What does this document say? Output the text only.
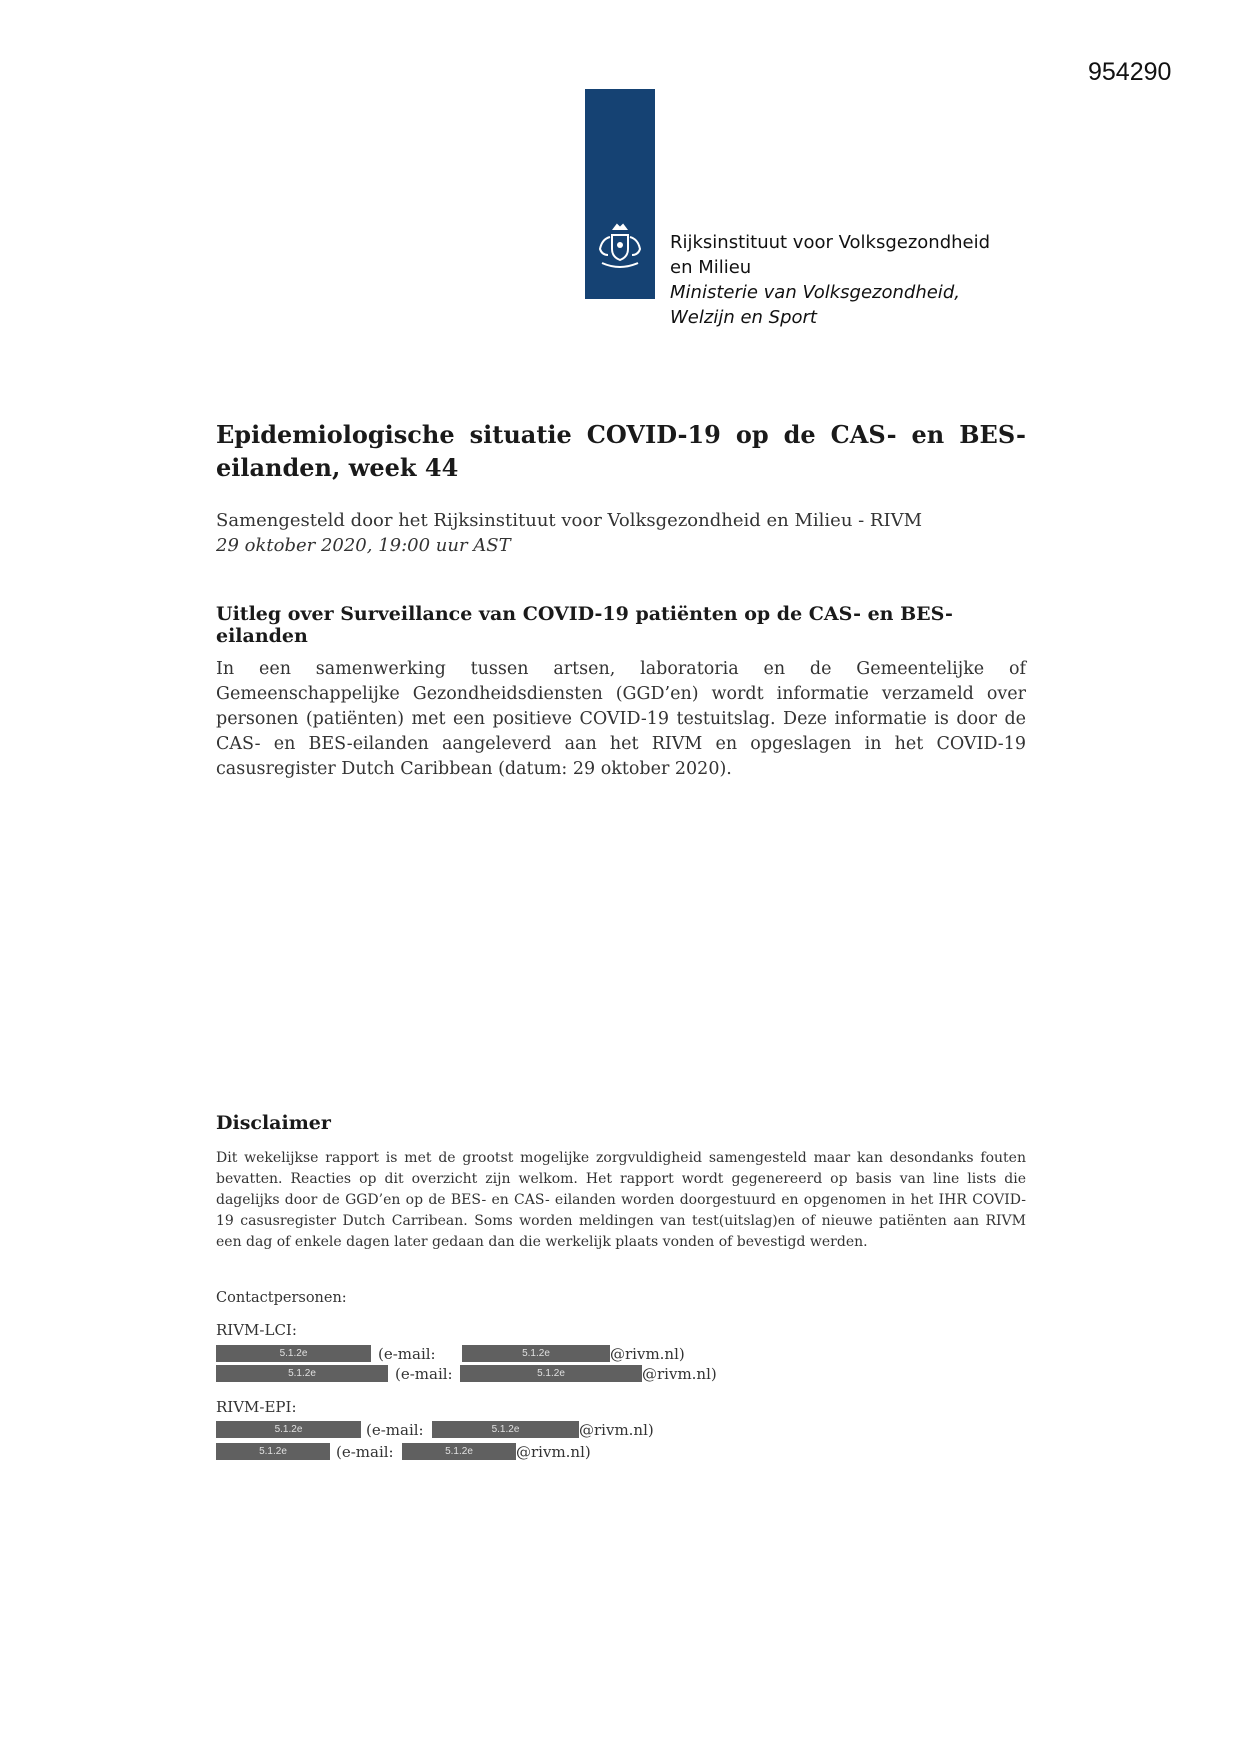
954290
Rijksinstituut voor Volksgezondheid
en Milieu
Ministerie van Volksgezondheid,
Welzijn en Sport
Epidemiologische situatie COVID-19 op de CAS- en BES-eilanden, week 44
Samengesteld door het Rijksinstituut voor Volksgezondheid en Milieu - RIVM
29 oktober 2020, 19:00 uur AST
Uitleg over Surveillance van COVID-19 patiënten op de CAS- en BES-eilanden

In een samenwerking tussen artsen, laboratoria en de Gemeentelijke of Gemeenschappelijke Gezondheidsdiensten (GGD’en) wordt informatie verzameld over personen (patiënten) met een positieve COVID-19 testuitslag. Deze informatie is door de CAS- en BES-eilanden aangeleverd aan het RIVM en opgeslagen in het COVID-19 casusregister Dutch Caribbean (datum: 29 oktober 2020).

Disclaimer

Dit wekelijkse rapport is met de grootst mogelijke zorgvuldigheid samengesteld maar kan desondanks fouten bevatten. Reacties op dit overzicht zijn welkom. Het rapport wordt gegenereerd op basis van line lists die dagelijks door de GGD’en op de BES- en CAS- eilanden worden doorgestuurd en opgenomen in het IHR COVID-19 casusregister Dutch Carribean. Soms worden meldingen van test(uitslag)en of nieuwe patiënten aan RIVM een dag of enkele dagen later gedaan dan die werkelijk plaats vonden of bevestigd werden.

Contactpersonen:
RIVM-LCI:
5.1.2e	(e-mail:	5.1.2e	@rivm.nl)
5.1.2e	(e-mail:	5.1.2e	@rivm.nl)
RIVM-EPI:
5.1.2e	(e-mail:	5.1.2e	@rivm.nl)
5.1.2e	(e-mail:	5.1.2e	@rivm.nl)
